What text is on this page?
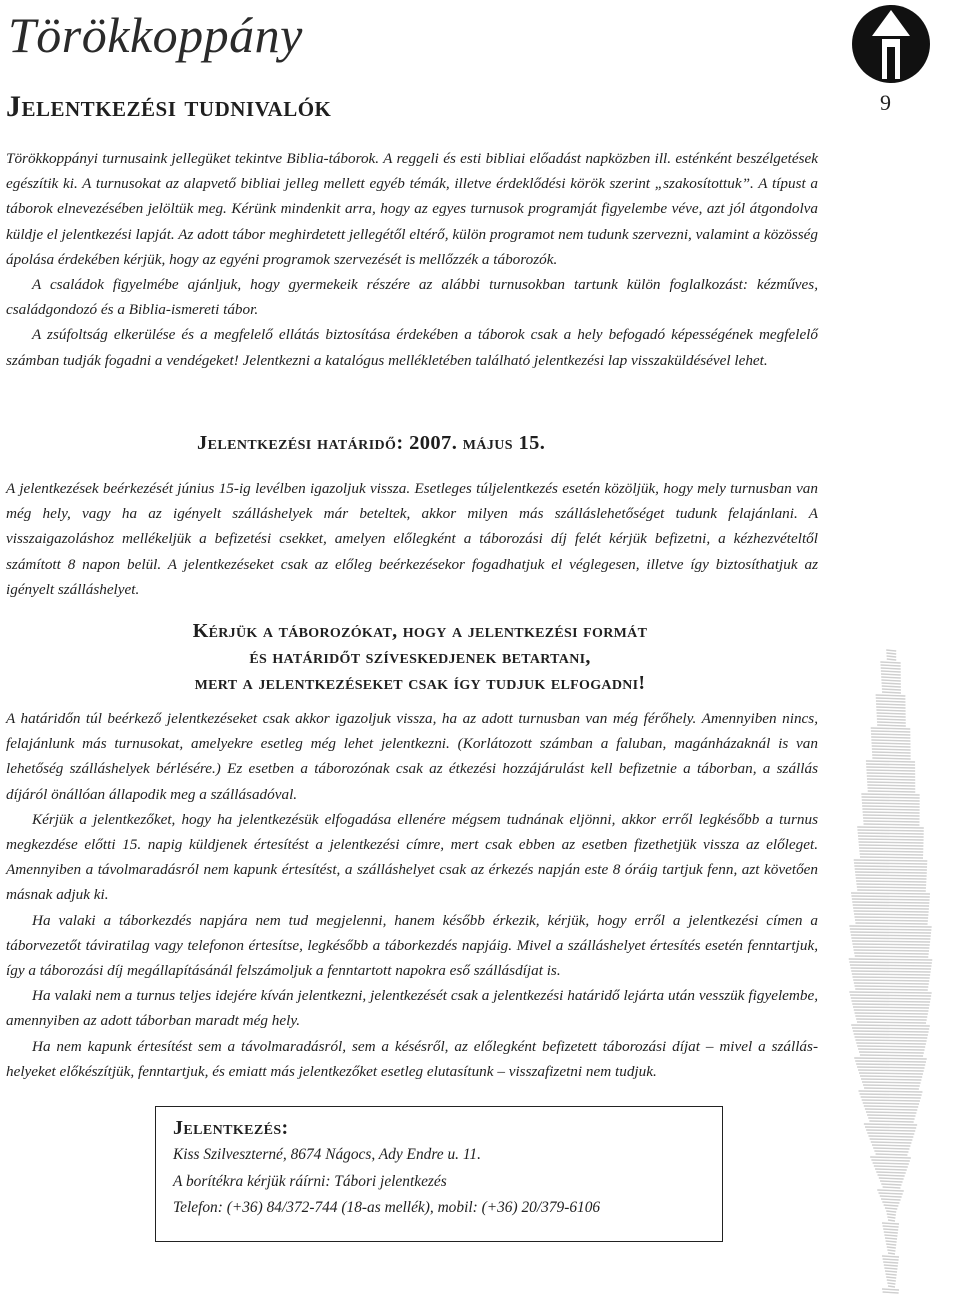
Törökkoppány
9
Jelentkezési tudnivalók

Törökkoppányi turnusaink jellegüket tekintve Biblia-táborok. A reggeli és esti bibliai előadást napközben ill. esténként beszélgetések egészítik ki. A turnusokat az alapvető bibliai jelleg mellett egyéb témák, illetve érdeklődési körök szerint „szakosítottuk”. A típust a táborok elnevezésében jelöltük meg. Kérünk mindenkit arra, hogy az egyes turnusok programját figyelembe véve, azt jól átgondolva küldje el jelentkezési lapját. Az adott tábor meghirdetett jellegétől eltérő, külön programot nem tudunk szervezni, valamint a közösség ápolása érdekében kérjük, hogy az egyéni programok szervezését is mellőzzék a táborozók.

A családok figyelmébe ajánljuk, hogy gyermekeik részére az alábbi turnusokban tartunk külön foglalkozást: kézműves, családgondozó és a Biblia-ismereti tábor.

A zsúfoltság elkerülése és a megfelelő ellátás biztosítása érdekében a táborok csak a hely befogadó képességének megfelelő számban tudják fogadni a vendégeket! Jelentkezni a katalógus mellékletében található jelentkezési lap visszaküldésével lehet.

Jelentkezési határidő: 2007. május 15.

A jelentkezések beérkezését június 15-ig levélben igazoljuk vissza. Esetleges túljelentkezés esetén közöljük, hogy mely turnusban van még hely, vagy ha az igényelt szálláshelyek már beteltek, akkor milyen más szálláslehetőséget tudunk felajánlani. A visszaigazoláshoz mellékeljük a befizetési csekket, amelyen előlegként a táborozási díj felét kérjük befizetni, a kézhezvételtől számított 8 napon belül. A jelentkezéseket csak az előleg beérkezésekor fogadhatjuk el véglegesen, illetve így biztosíthatjuk az igényelt szálláshelyet.

Kérjük a táborozókat, hogy a jelentkezési formát
és határidőt szíveskedjenek betartani,
mert a jelentkezéseket csak így tudjuk elfogadni!

A határidőn túl beérkező jelentkezéseket csak akkor igazoljuk vissza, ha az adott turnusban van még férőhely. Amennyiben nincs, felajánlunk más turnusokat, amelyekre esetleg még lehet jelentkezni. (Korlátozott számban a faluban, magánházaknál is van lehetőség szálláshelyek bérlésére.) Ez esetben a táborozónak csak az étkezési hozzájárulást kell befizetnie a táborban, a szállás díjáról önállóan állapodik meg a szállásadóval.

Kérjük a jelentkezőket, hogy ha jelentkezésük elfogadása ellenére mégsem tudnának eljönni, akkor erről legkésőbb a turnus megkezdése előtti 15. napig küldjenek értesítést a jelentkezési címre, mert csak ebben az esetben fizethetjük vissza az előleget. Amennyiben a távolmaradásról nem kapunk értesítést, a szálláshelyet csak az érkezés napján este 8 óráig tartjuk fenn, azt követően másnak adjuk ki.

Ha valaki a táborkezdés napjára nem tud megjelenni, hanem később érkezik, kérjük, hogy erről a jelentkezési címen a táborvezetőt táviratilag vagy telefonon értesítse, legkésőbb a táborkezdés napjáig. Mivel a szálláshelyet értesítés esetén fenntartjuk, így a táborozási díj megállapításánál felszámoljuk a fenntartott napokra eső szállásdíjat is.

Ha valaki nem a turnus teljes idejére kíván jelentkezni, jelentkezését csak a jelentkezési határidő lejárta után vesszük figyelembe, amennyiben az adott táborban maradt még hely.

Ha nem kapunk értesítést sem a távolmaradásról, sem a késésről, az előlegként befizetett táborozási díjat – mivel a szálláshelyeket előkészítjük, fenntartjuk, és emiatt más jelentkezőket esetleg elutasítunk – visszafizetni nem tudjuk.

Jelentkezés:
Kiss Szilveszterné, 8674 Nágocs, Ady Endre u. 11.
A borítékra kérjük ráírni: Tábori jelentkezés
Telefon: (+36) 84/372-744 (18-as mellék), mobil: (+36) 20/379-6106
